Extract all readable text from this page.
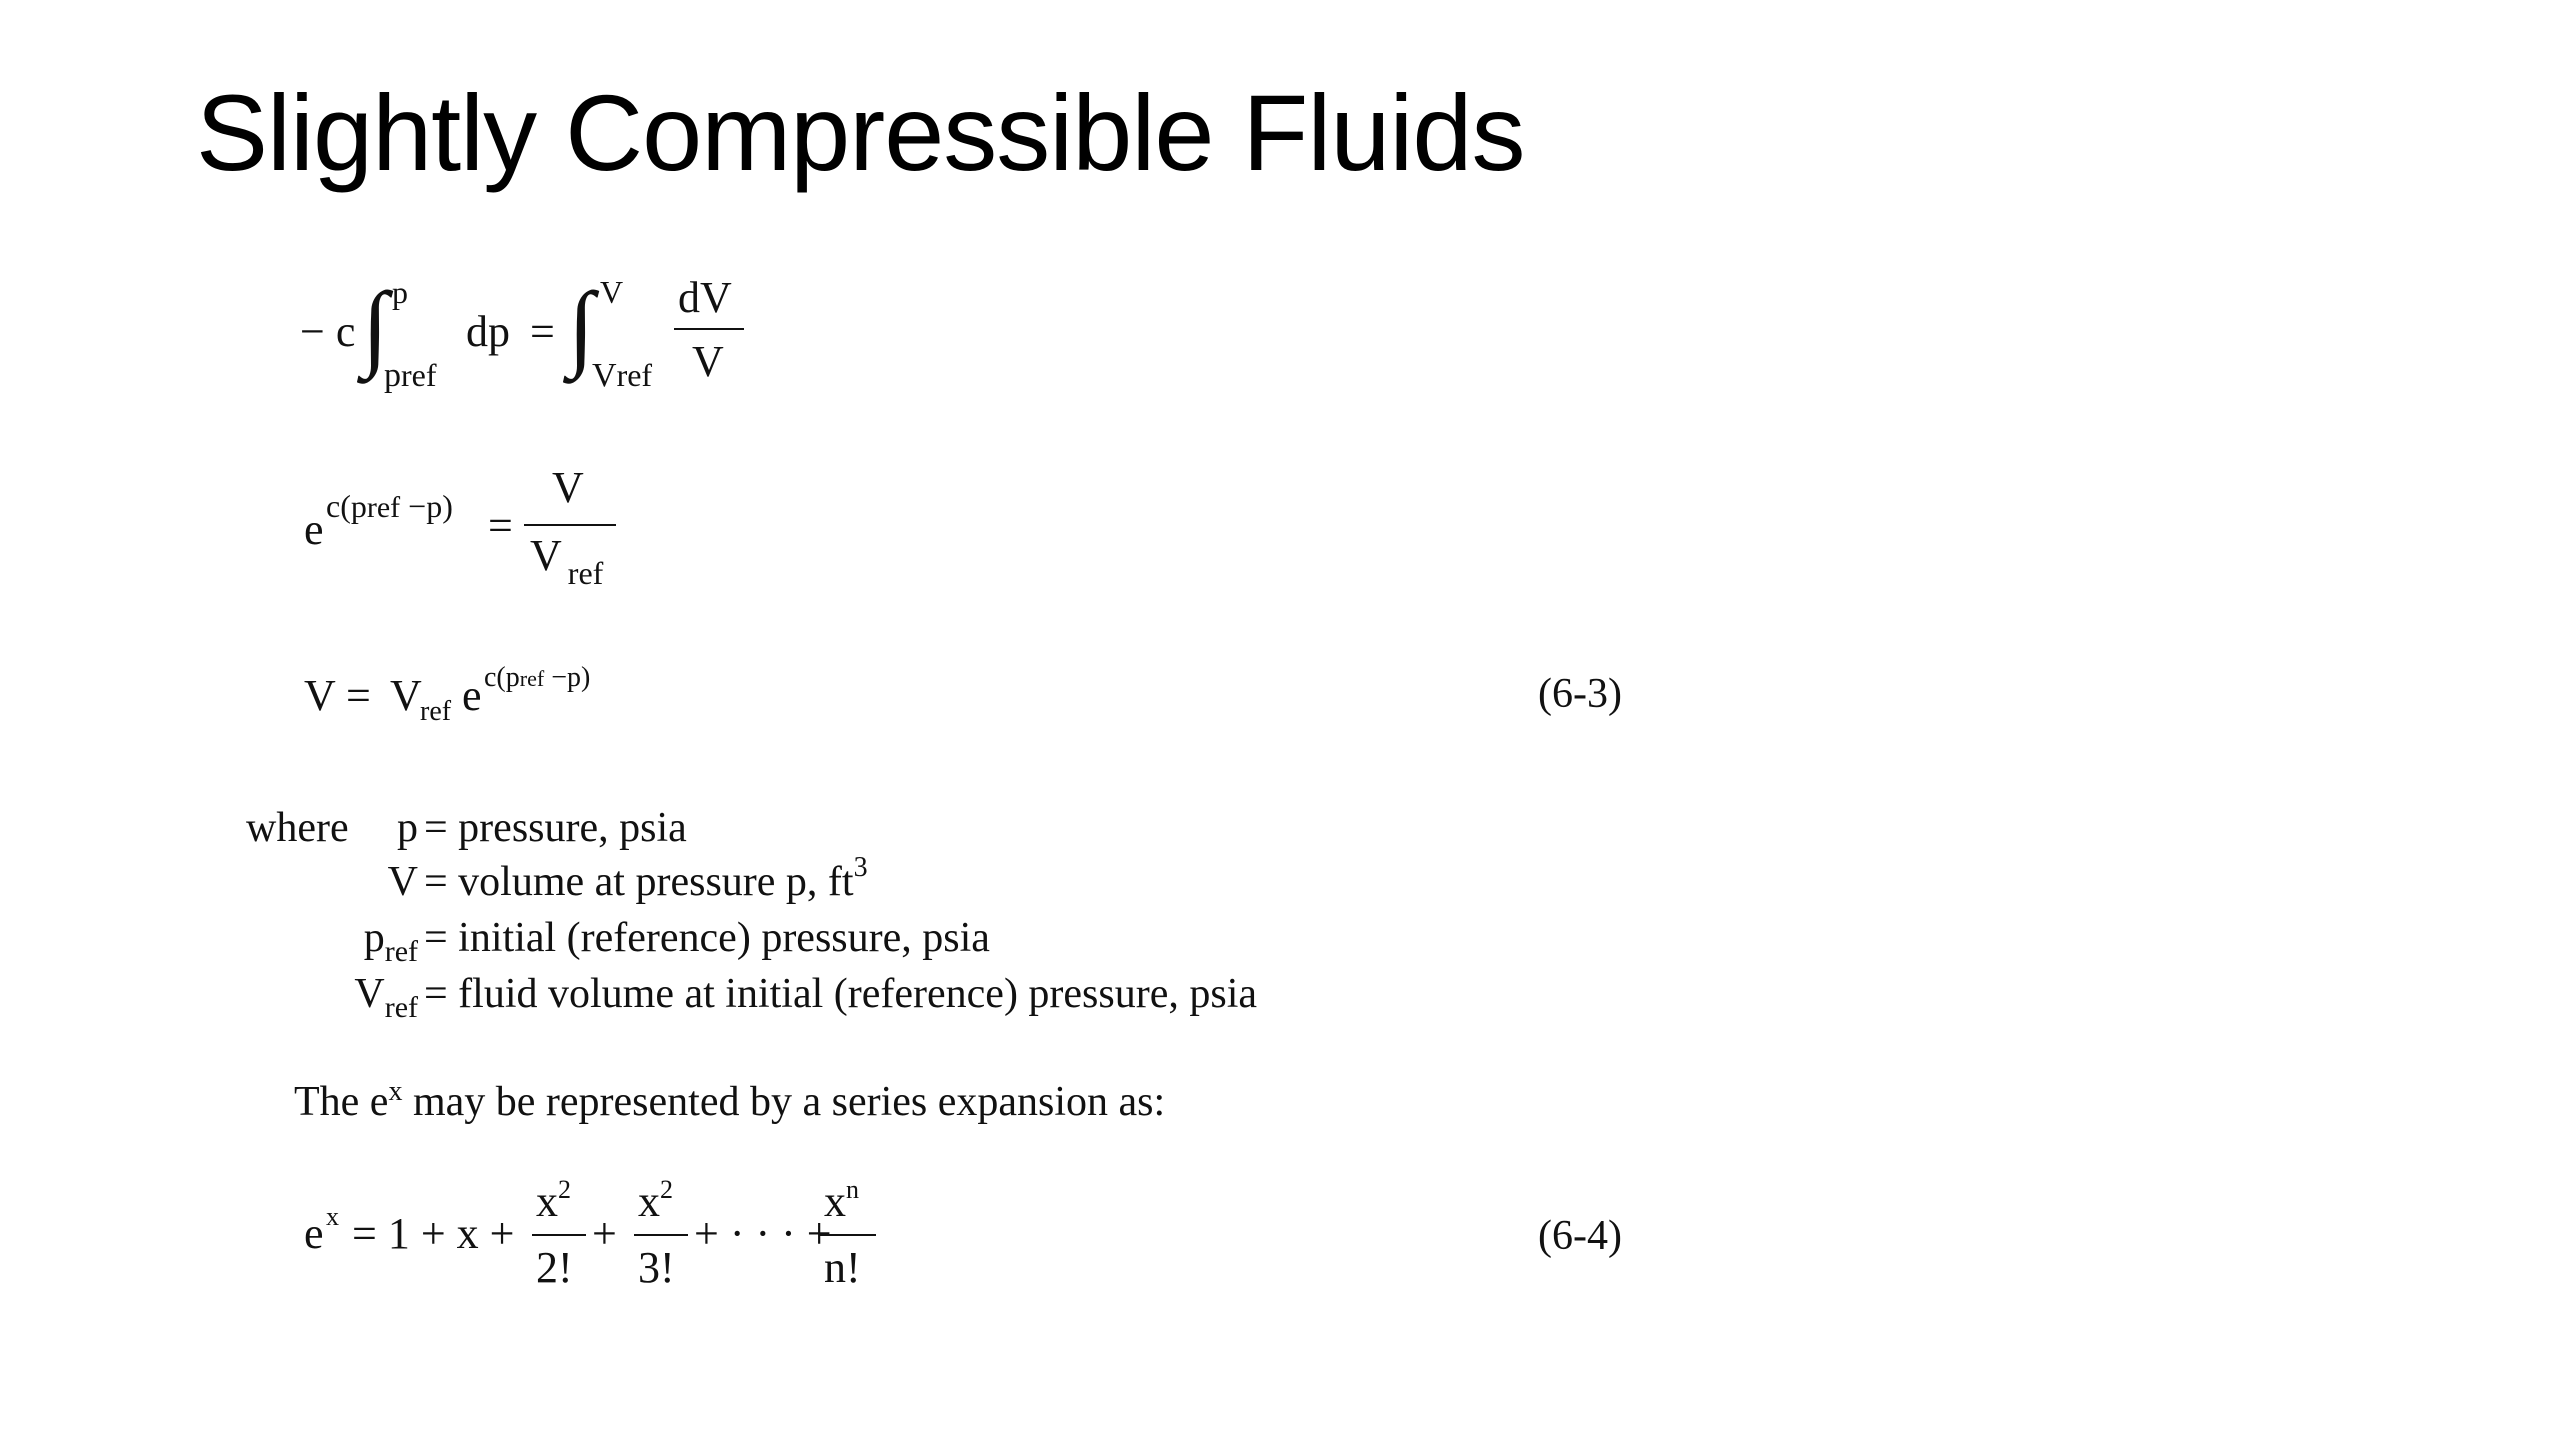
Slightly Compressible Fluids
− c ∫ p
pref
dp = ∫ V
Vref
dV
V
e c(pref −p) =
V
V $_{ref}$
V = V
ref e c(pref −p)	(6-3)
where p = pressure, psia
V = volume at pressure p, $ft^3$
$p_{ref}$ = initial (reference) pressure, psia
$V_{ref}$ = fluid volume at initial (reference) pressure, psia
The $e^x$ may be represented by a series expansion as:
e x = 1 + x +
$x^2$
2!
+
$x^2$
3!
+ · · · +
$x^n$
n!
(6-4)
